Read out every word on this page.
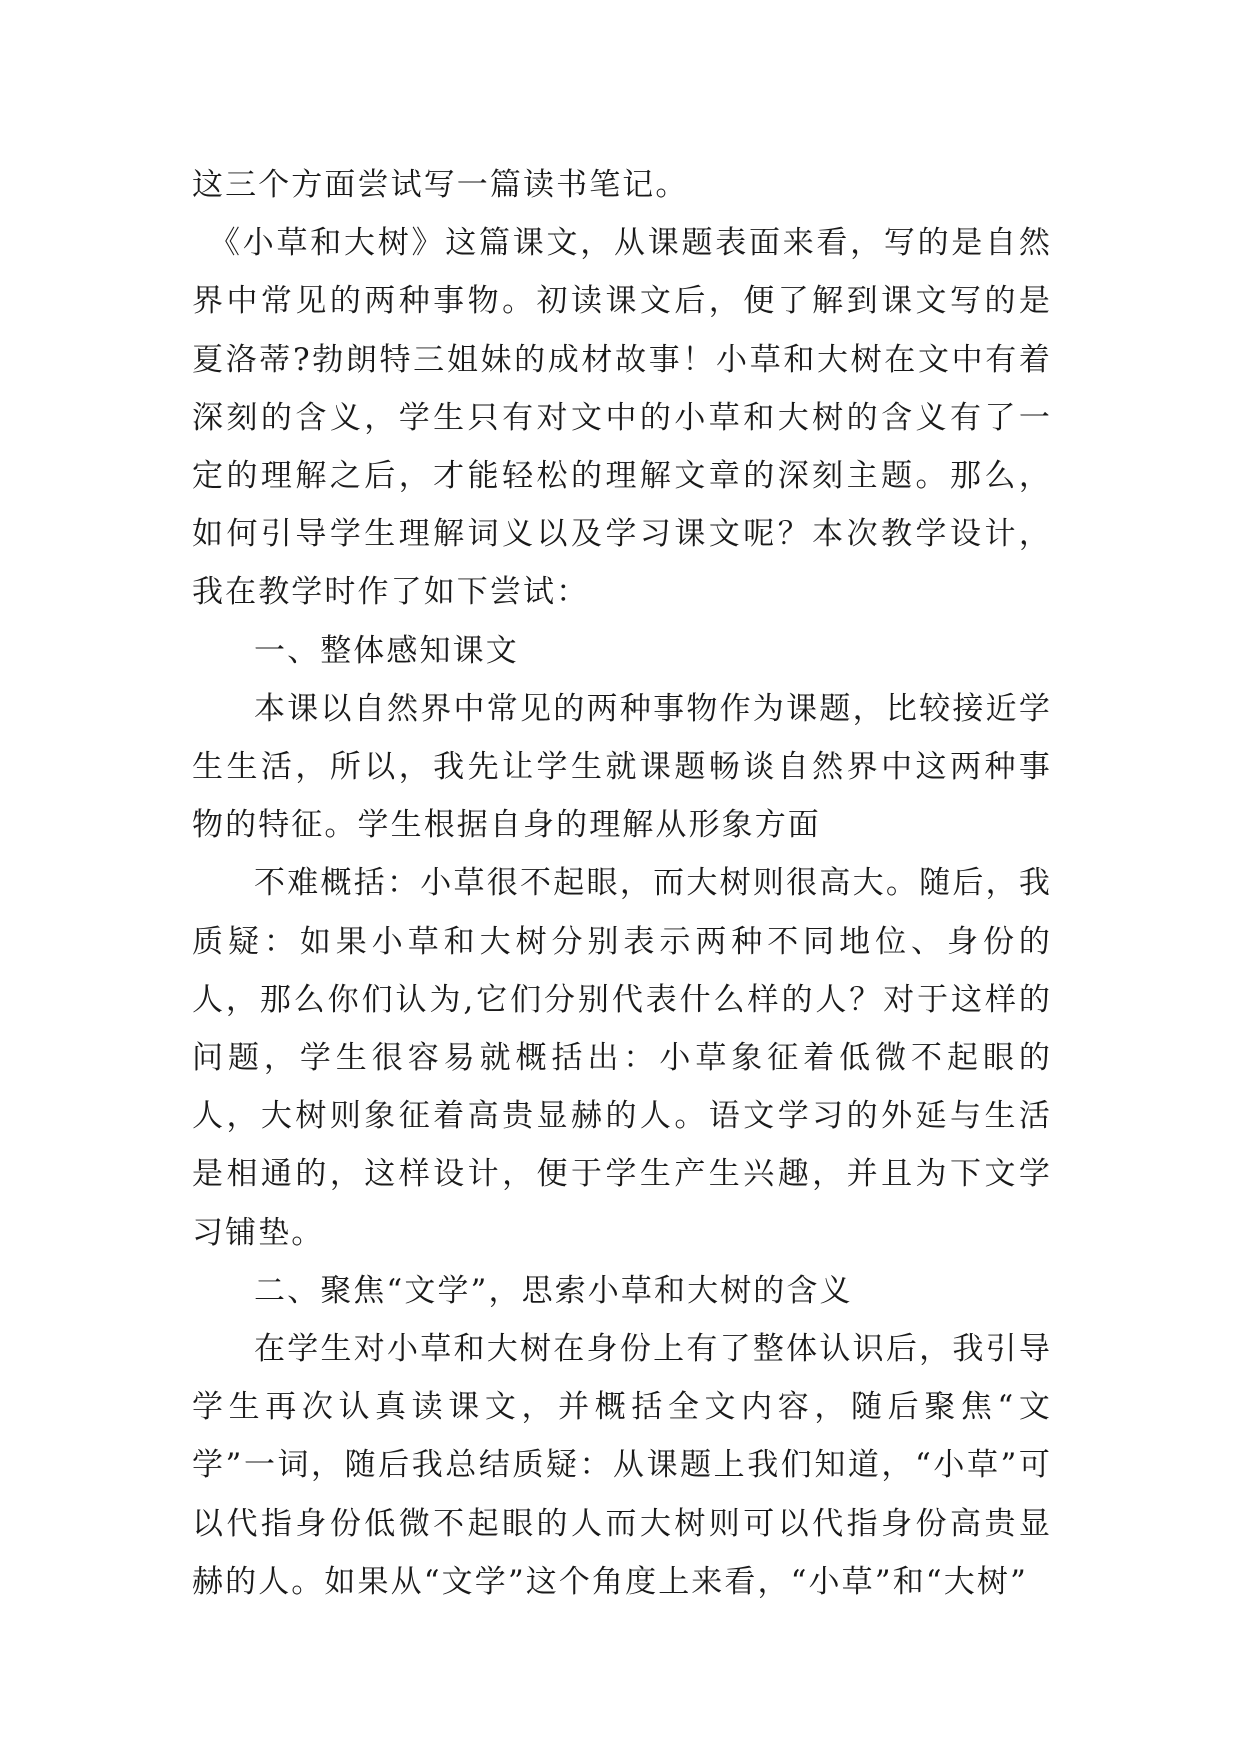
这三个方面尝试写一篇读书笔记。

《小草和大树》这篇课文，从课题表面来看，写的是自然界中常见的两种事物。初读课文后，便了解到课文写的是夏洛蒂?勃朗特三姐妹的成材故事！小草和大树在文中有着深刻的含义，学生只有对文中的小草和大树的含义有了一定的理解之后，才能轻松的理解文章的深刻主题。那么，如何引导学生理解词义以及学习课文呢？本次教学设计，我在教学时作了如下尝试：

一、整体感知课文

本课以自然界中常见的两种事物作为课题，比较接近学生生活，所以，我先让学生就课题畅谈自然界中这两种事物的特征。学生根据自身的理解从形象方面

不难概括：小草很不起眼，而大树则很高大。随后，我质疑：如果小草和大树分别表示两种不同地位、身份的人，那么你们认为,它们分别代表什么样的人？对于这样的问题，学生很容易就概括出：小草象征着低微不起眼的人，大树则象征着高贵显赫的人。语文学习的外延与生活是相通的，这样设计，便于学生产生兴趣，并且为下文学习铺垫。

二、聚焦“文学”，思索小草和大树的含义

在学生对小草和大树在身份上有了整体认识后，我引导学生再次认真读课文，并概括全文内容，随后聚焦“文学”一词，随后我总结质疑：从课题上我们知道，“小草”可以代指身份低微不起眼的人而大树则可以代指身份高贵显赫的人。如果从“文学”这个角度上来看，“小草”和“大树”
